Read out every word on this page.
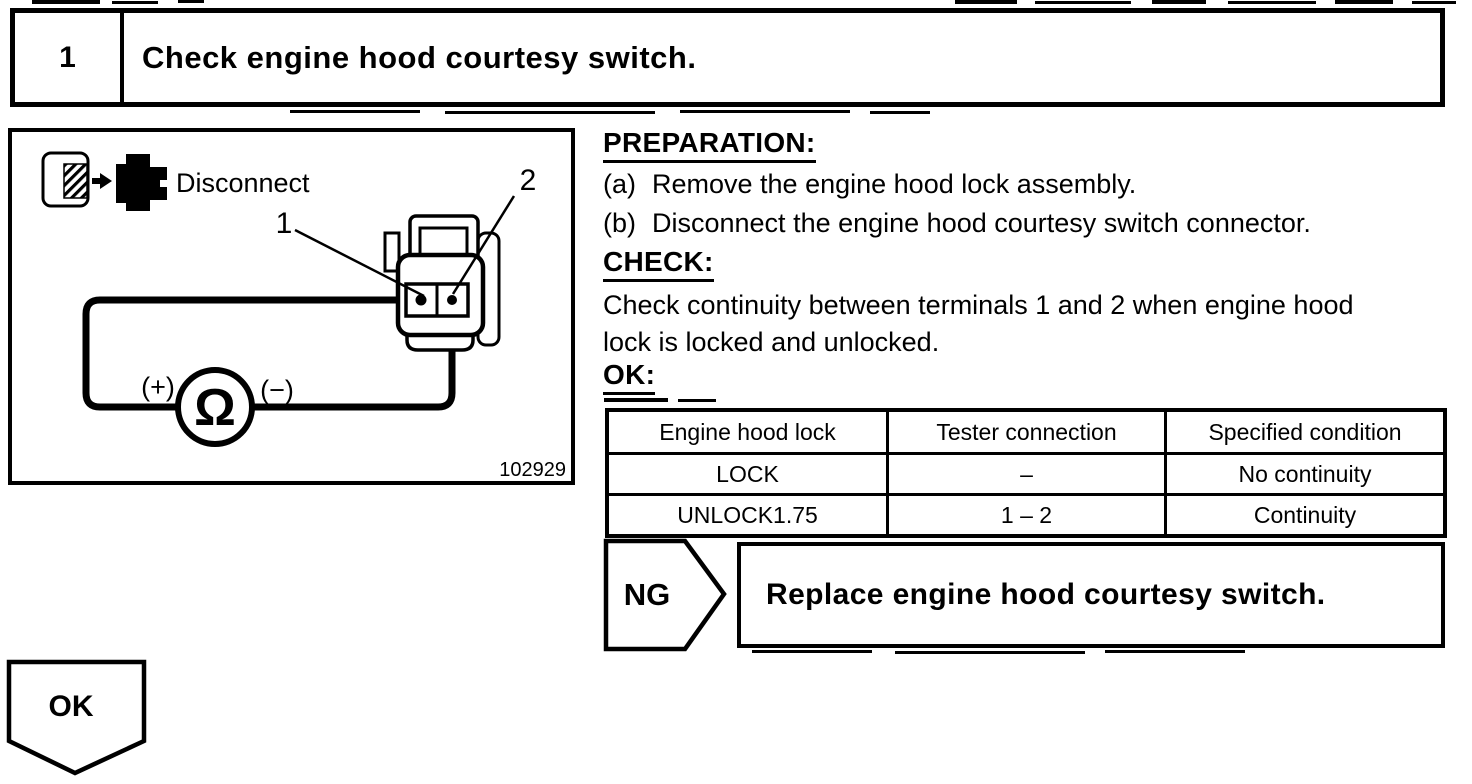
1	Check engine hood courtesy switch.
Disconnect
1
2
Ω
(+)	(−)
102929
PREPARATION:
(a) Remove the engine hood lock assembly.
(b) Disconnect the engine hood courtesy switch connector.
CHECK:
Check continuity between terminals 1 and 2 when engine hood
lock is locked and unlocked.
OK:
Engine hood lock	Tester connection	Specified condition
LOCK	–	No continuity
UNLOCK1.75	1 – 2	Continuity
NG	Replace engine hood courtesy switch.
OK
